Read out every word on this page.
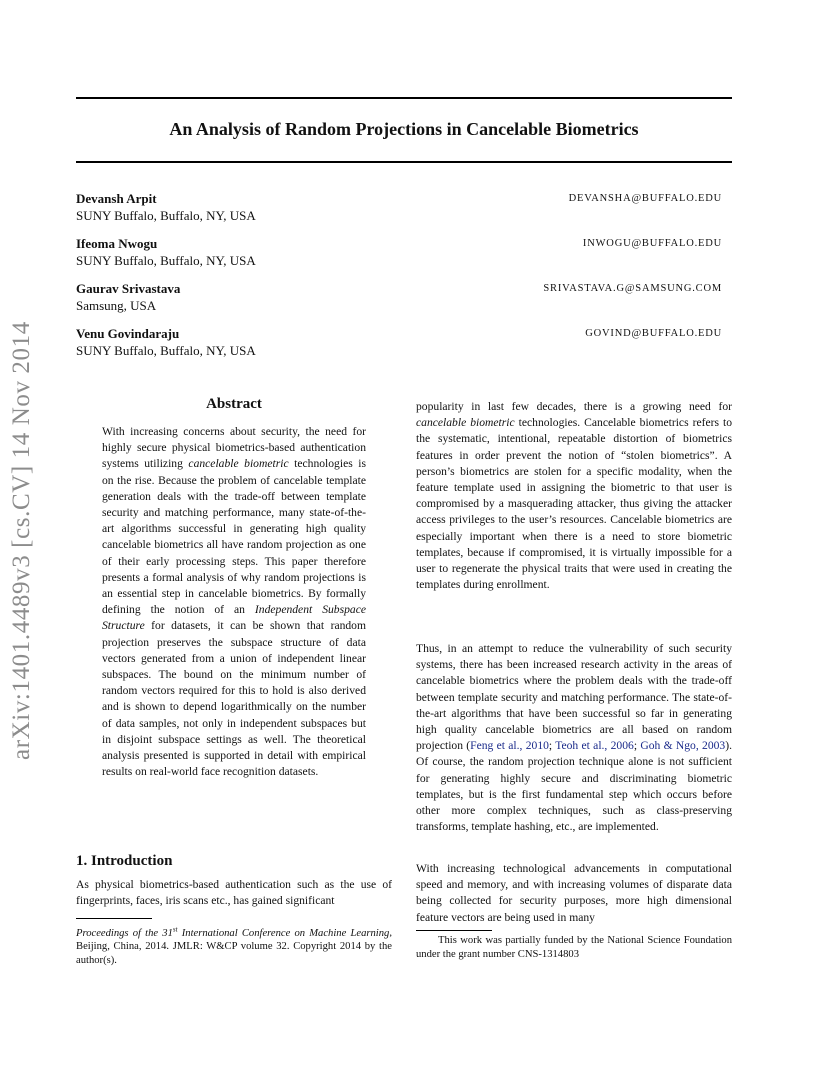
arXiv:1401.4489v3 [cs.CV] 14 Nov 2014
An Analysis of Random Projections in Cancelable Biometrics
Devansh Arpit
SUNY Buffalo, Buffalo, NY, USA
DEVANSHA@BUFFALO.EDU
Ifeoma Nwogu
SUNY Buffalo, Buffalo, NY, USA
INWOGU@BUFFALO.EDU
Gaurav Srivastava
Samsung, USA
SRIVASTAVA.G@SAMSUNG.COM
Venu Govindaraju
SUNY Buffalo, Buffalo, NY, USA
GOVIND@BUFFALO.EDU
Abstract
With increasing concerns about security, the need for highly secure physical biometrics-based authentication systems utilizing cancelable biometric technologies is on the rise. Because the problem of cancelable template generation deals with the trade-off between template security and matching performance, many state-of-the-art algorithms successful in generating high quality cancelable biometrics all have random projection as one of their early processing steps. This paper therefore presents a formal analysis of why random projections is an essential step in cancelable biometrics. By formally defining the notion of an Independent Subspace Structure for datasets, it can be shown that random projection preserves the subspace structure of data vectors generated from a union of independent linear subspaces. The bound on the minimum number of random vectors required for this to hold is also derived and is shown to depend logarithmically on the number of data samples, not only in independent subspaces but in disjoint subspace settings as well. The theoretical analysis presented is supported in detail with empirical results on real-world face recognition datasets.
1. Introduction
As physical biometrics-based authentication such as the use of fingerprints, faces, iris scans etc., has gained significant
Proceedings of the 31st International Conference on Machine Learning, Beijing, China, 2014. JMLR: W&CP volume 32. Copyright 2014 by the author(s).
popularity in last few decades, there is a growing need for cancelable biometric technologies. Cancelable biometrics refers to the systematic, intentional, repeatable distortion of biometrics features in order prevent the notion of “stolen biometrics”. A person’s biometrics are stolen for a specific modality, when the feature template used in assigning the biometric to that user is compromised by a masquerading attacker, thus giving the attacker access privileges to the user’s resources. Cancelable biometrics are especially important when there is a need to store biometric templates, because if compromised, it is virtually impossible for a user to regenerate the physical traits that were used in creating the templates during enrollment.
Thus, in an attempt to reduce the vulnerability of such security systems, there has been increased research activity in the areas of cancelable biometrics where the problem deals with the trade-off between template security and matching performance. The state-of-the-art algorithms that have been successful so far in generating high quality cancelable biometrics are all based on random projection (Feng et al., 2010; Teoh et al., 2006; Goh & Ngo, 2003). Of course, the random projection technique alone is not sufficient for generating highly secure and discriminating biometric templates, but is the first fundamental step which occurs before other more complex techniques, such as class-preserving transforms, template hashing, etc., are implemented.
With increasing technological advancements in computational speed and memory, and with increasing volumes of disparate data being collected for security purposes, more high dimensional feature vectors are being used in many
This work was partially funded by the National Science Foundation under the grant number CNS-1314803
